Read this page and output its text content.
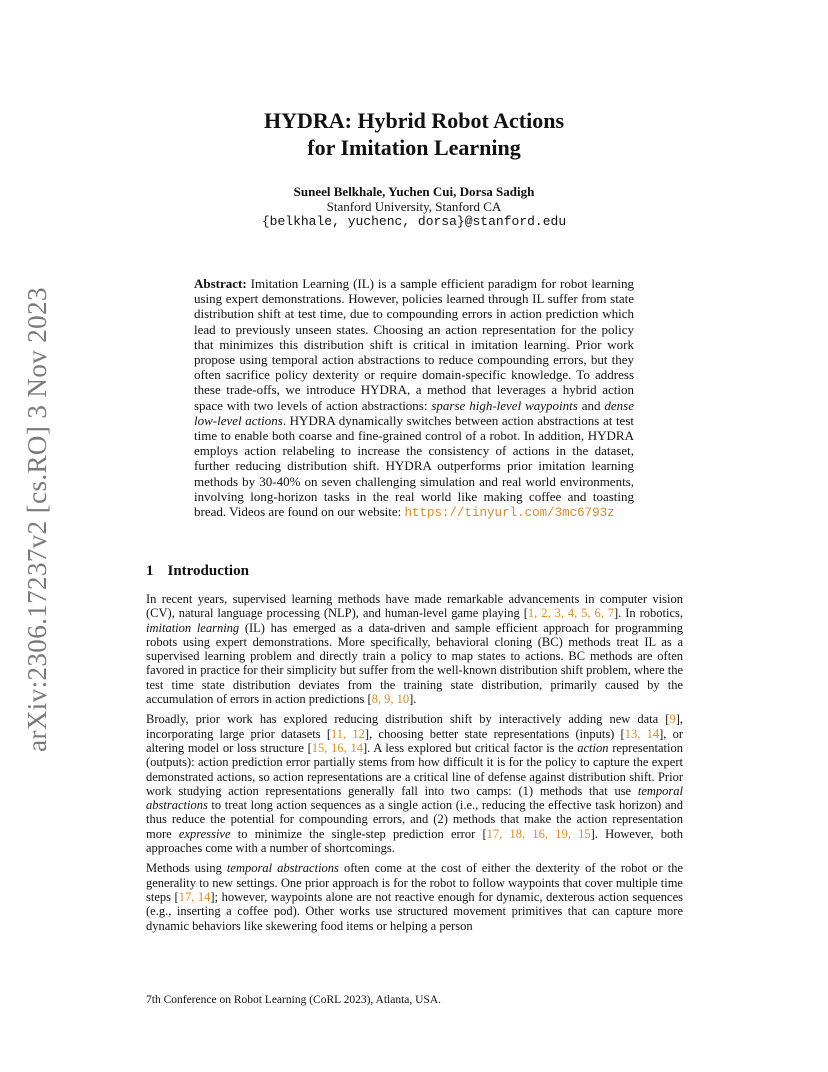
arXiv:2306.17237v2 [cs.RO] 3 Nov 2023
HYDRA: Hybrid Robot Actions
for Imitation Learning
Suneel Belkhale, Yuchen Cui, Dorsa Sadigh
Stanford University, Stanford CA
{belkhale, yuchenc, dorsa}@stanford.edu
Abstract: Imitation Learning (IL) is a sample efficient paradigm for robot learning using expert demonstrations. However, policies learned through IL suffer from state distribution shift at test time, due to compounding errors in action prediction which lead to previously unseen states. Choosing an action representation for the policy that minimizes this distribution shift is critical in imitation learning. Prior work propose using temporal action abstractions to reduce compounding errors, but they often sacrifice policy dexterity or require domain-specific knowledge. To address these trade-offs, we introduce HYDRA, a method that leverages a hybrid action space with two levels of action abstractions: sparse high-level waypoints and dense low-level actions. HYDRA dynamically switches between action abstractions at test time to enable both coarse and fine-grained control of a robot. In addition, HYDRA employs action relabeling to increase the consistency of actions in the dataset, further reducing distribution shift. HYDRA outperforms prior imitation learning methods by 30-40% on seven challenging simulation and real world environments, involving long-horizon tasks in the real world like making coffee and toasting bread. Videos are found on our website: https://tinyurl.com/3mc6793z
1 Introduction

In recent years, supervised learning methods have made remarkable advancements in computer vision (CV), natural language processing (NLP), and human-level game playing [1, 2, 3, 4, 5, 6, 7]. In robotics, imitation learning (IL) has emerged as a data-driven and sample efficient approach for programming robots using expert demonstrations. More specifically, behavioral cloning (BC) methods treat IL as a supervised learning problem and directly train a policy to map states to actions. BC methods are often favored in practice for their simplicity but suffer from the well-known distribution shift problem, where the test time state distribution deviates from the training state distribution, primarily caused by the accumulation of errors in action predictions [8, 9, 10].

Broadly, prior work has explored reducing distribution shift by interactively adding new data [9], incorporating large prior datasets [11, 12], choosing better state representations (inputs) [13, 14], or altering model or loss structure [15, 16, 14]. A less explored but critical factor is the action representation (outputs): action prediction error partially stems from how difficult it is for the policy to capture the expert demonstrated actions, so action representations are a critical line of defense against distribution shift. Prior work studying action representations generally fall into two camps: (1) methods that use temporal abstractions to treat long action sequences as a single action (i.e., reducing the effective task horizon) and thus reduce the potential for compounding errors, and (2) methods that make the action representation more expressive to minimize the single-step prediction error [17, 18, 16, 19, 15]. However, both approaches come with a number of shortcomings.

Methods using temporal abstractions often come at the cost of either the dexterity of the robot or the generality to new settings. One prior approach is for the robot to follow waypoints that cover multiple time steps [17, 14]; however, waypoints alone are not reactive enough for dynamic, dexterous action sequences (e.g., inserting a coffee pod). Other works use structured movement primitives that can capture more dynamic behaviors like skewering food items or helping a person

7th Conference on Robot Learning (CoRL 2023), Atlanta, USA.
